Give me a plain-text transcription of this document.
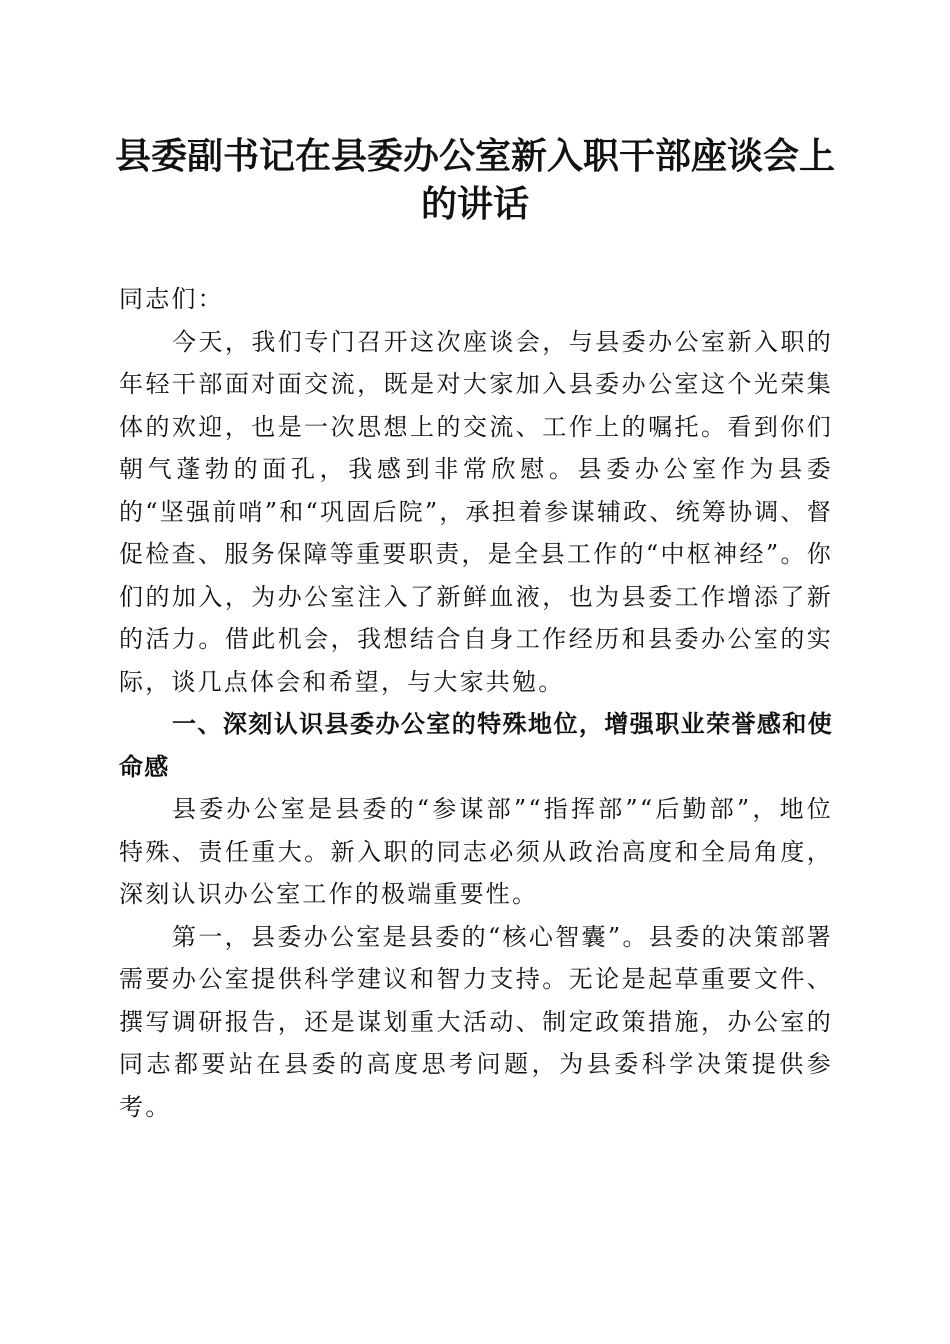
县委副书记在县委办公室新入职干部座谈会上的讲话

同志们：

今天，我们专门召开这次座谈会，与县委办公室新入职的年轻干部面对面交流，既是对大家加入县委办公室这个光荣集体的欢迎，也是一次思想上的交流、工作上的嘱托。看到你们朝气蓬勃的面孔，我感到非常欣慰。县委办公室作为县委的“坚强前哨”和“巩固后院”，承担着参谋辅政、统筹协调、督促检查、服务保障等重要职责，是全县工作的“中枢神经”。你们的加入，为办公室注入了新鲜血液，也为县委工作增添了新的活力。借此机会，我想结合自身工作经历和县委办公室的实际，谈几点体会和希望，与大家共勉。

一、深刻认识县委办公室的特殊地位，增强职业荣誉感和使命感

县委办公室是县委的“参谋部”“指挥部”“后勤部”，地位特殊、责任重大。新入职的同志必须从政治高度和全局角度，深刻认识办公室工作的极端重要性。

第一，县委办公室是县委的“核心智囊”。县委的决策部署需要办公室提供科学建议和智力支持。无论是起草重要文件、撰写调研报告，还是谋划重大活动、制定政策措施，办公室的同志都要站在县委的高度思考问题，为县委科学决策提供参考。
